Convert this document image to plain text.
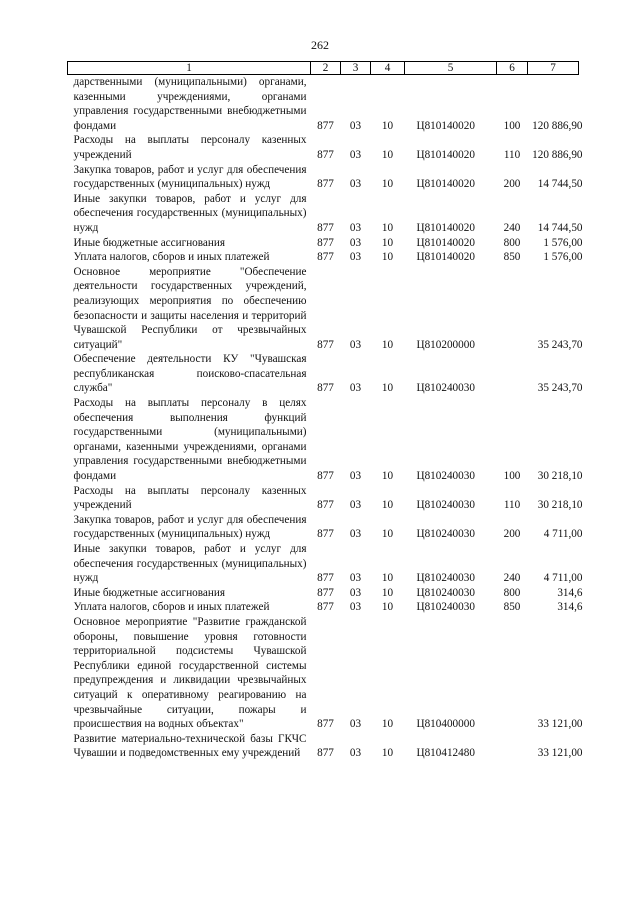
262
1	2	3	4	5	6	7
дарственными (муниципальными) органами, казенными учреждениями, органами управления государственными внебюджетными фондами	877	03	10	Ц810140020	100	120 886,90
Расходы на выплаты персоналу казенных учреждений	877	03	10	Ц810140020	110	120 886,90
Закупка товаров, работ и услуг для обеспечения государственных (муниципальных) нужд	877	03	10	Ц810140020	200	14 744,50
Иные закупки товаров, работ и услуг для обеспечения государственных (муниципальных) нужд	877	03	10	Ц810140020	240	14 744,50
Иные бюджетные ассигнования	877	03	10	Ц810140020	800	1 576,00
Уплата налогов, сборов и иных платежей	877	03	10	Ц810140020	850	1 576,00
Основное мероприятие "Обеспечение деятельности государственных учреждений, реализующих мероприятия по обеспечению безопасности и защиты населения и территорий Чувашской Республики от чрезвычайных ситуаций"	877	03	10	Ц810200000		35 243,70
Обеспечение деятельности КУ "Чувашская республиканская поисково-спасательная служба"	877	03	10	Ц810240030		35 243,70
Расходы на выплаты персоналу в целях обеспечения выполнения функций государственными (муниципальными) органами, казенными учреждениями, органами управления государственными внебюджетными фондами	877	03	10	Ц810240030	100	30 218,10
Расходы на выплаты персоналу казенных учреждений	877	03	10	Ц810240030	110	30 218,10
Закупка товаров, работ и услуг для обеспечения государственных (муниципальных) нужд	877	03	10	Ц810240030	200	4 711,00
Иные закупки товаров, работ и услуг для обеспечения государственных (муниципальных) нужд	877	03	10	Ц810240030	240	4 711,00
Иные бюджетные ассигнования	877	03	10	Ц810240030	800	314,6
Уплата налогов, сборов и иных платежей	877	03	10	Ц810240030	850	314,6
Основное мероприятие "Развитие гражданской обороны, повышение уровня готовности территориальной подсистемы Чувашской Республики единой государственной системы предупреждения и ликвидации чрезвычайных ситуаций к оперативному реагированию на чрезвычайные ситуации, пожары и происшествия на водных объектах"	877	03	10	Ц810400000		33 121,00
Развитие материально-технической базы ГКЧС Чувашии и подведомственных ему учреждений	877	03	10	Ц810412480		33 121,00
